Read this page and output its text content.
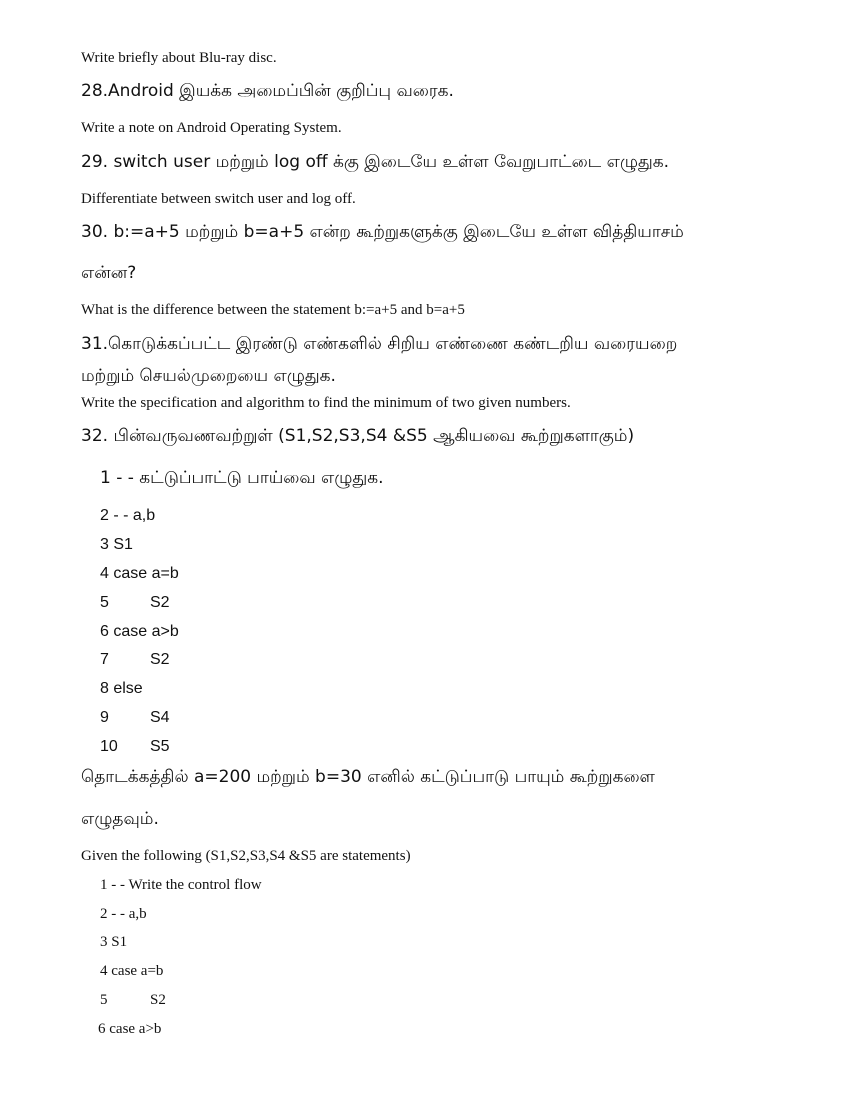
Write briefly about Blu-ray disc.
28.Android இயக்க அமைப்பின் குறிப்பு வரைக.
Write a note on Android Operating System.
29. switch user மற்றும் log off க்கு இடையே உள்ள வேறுபாட்டை எழுதுக.
Differentiate between switch user and log off.
30. b:=a+5 மற்றும் b=a+5 என்ற கூற்றுகளுக்கு இடையே உள்ள வித்தியாசம்
என்ன?
What is the difference between the statement b:=a+5 and b=a+5
31.கொடுக்கப்பட்ட இரண்டு எண்களில் சிறிய எண்ணை கண்டறிய வரையறை
மற்றும் செயல்முறையை எழுதுக.
Write the specification and algorithm to find the minimum of two given numbers.
32. பின்வருவணவற்றுள் (S1,S2,S3,S4 &S5 ஆகியவை கூற்றுகளாகும்)
1 - - கட்டுப்பாட்டு பாய்வை எழுதுக.
2 - - a,b
3 S1
4 case a=b
5	S2
6 case a>b
7	S2
8 else
9	S4
10 S5
தொடக்கத்தில் a=200 மற்றும் b=30 எனில் கட்டுப்பாடு பாயும் கூற்றுகளை
எழுதவும்.
Given the following (S1,S2,S3,S4 &S5 are statements)
1 - - Write the control flow
2 - - a,b
3 S1
4 case a=b
5	S2
6 case a>b
